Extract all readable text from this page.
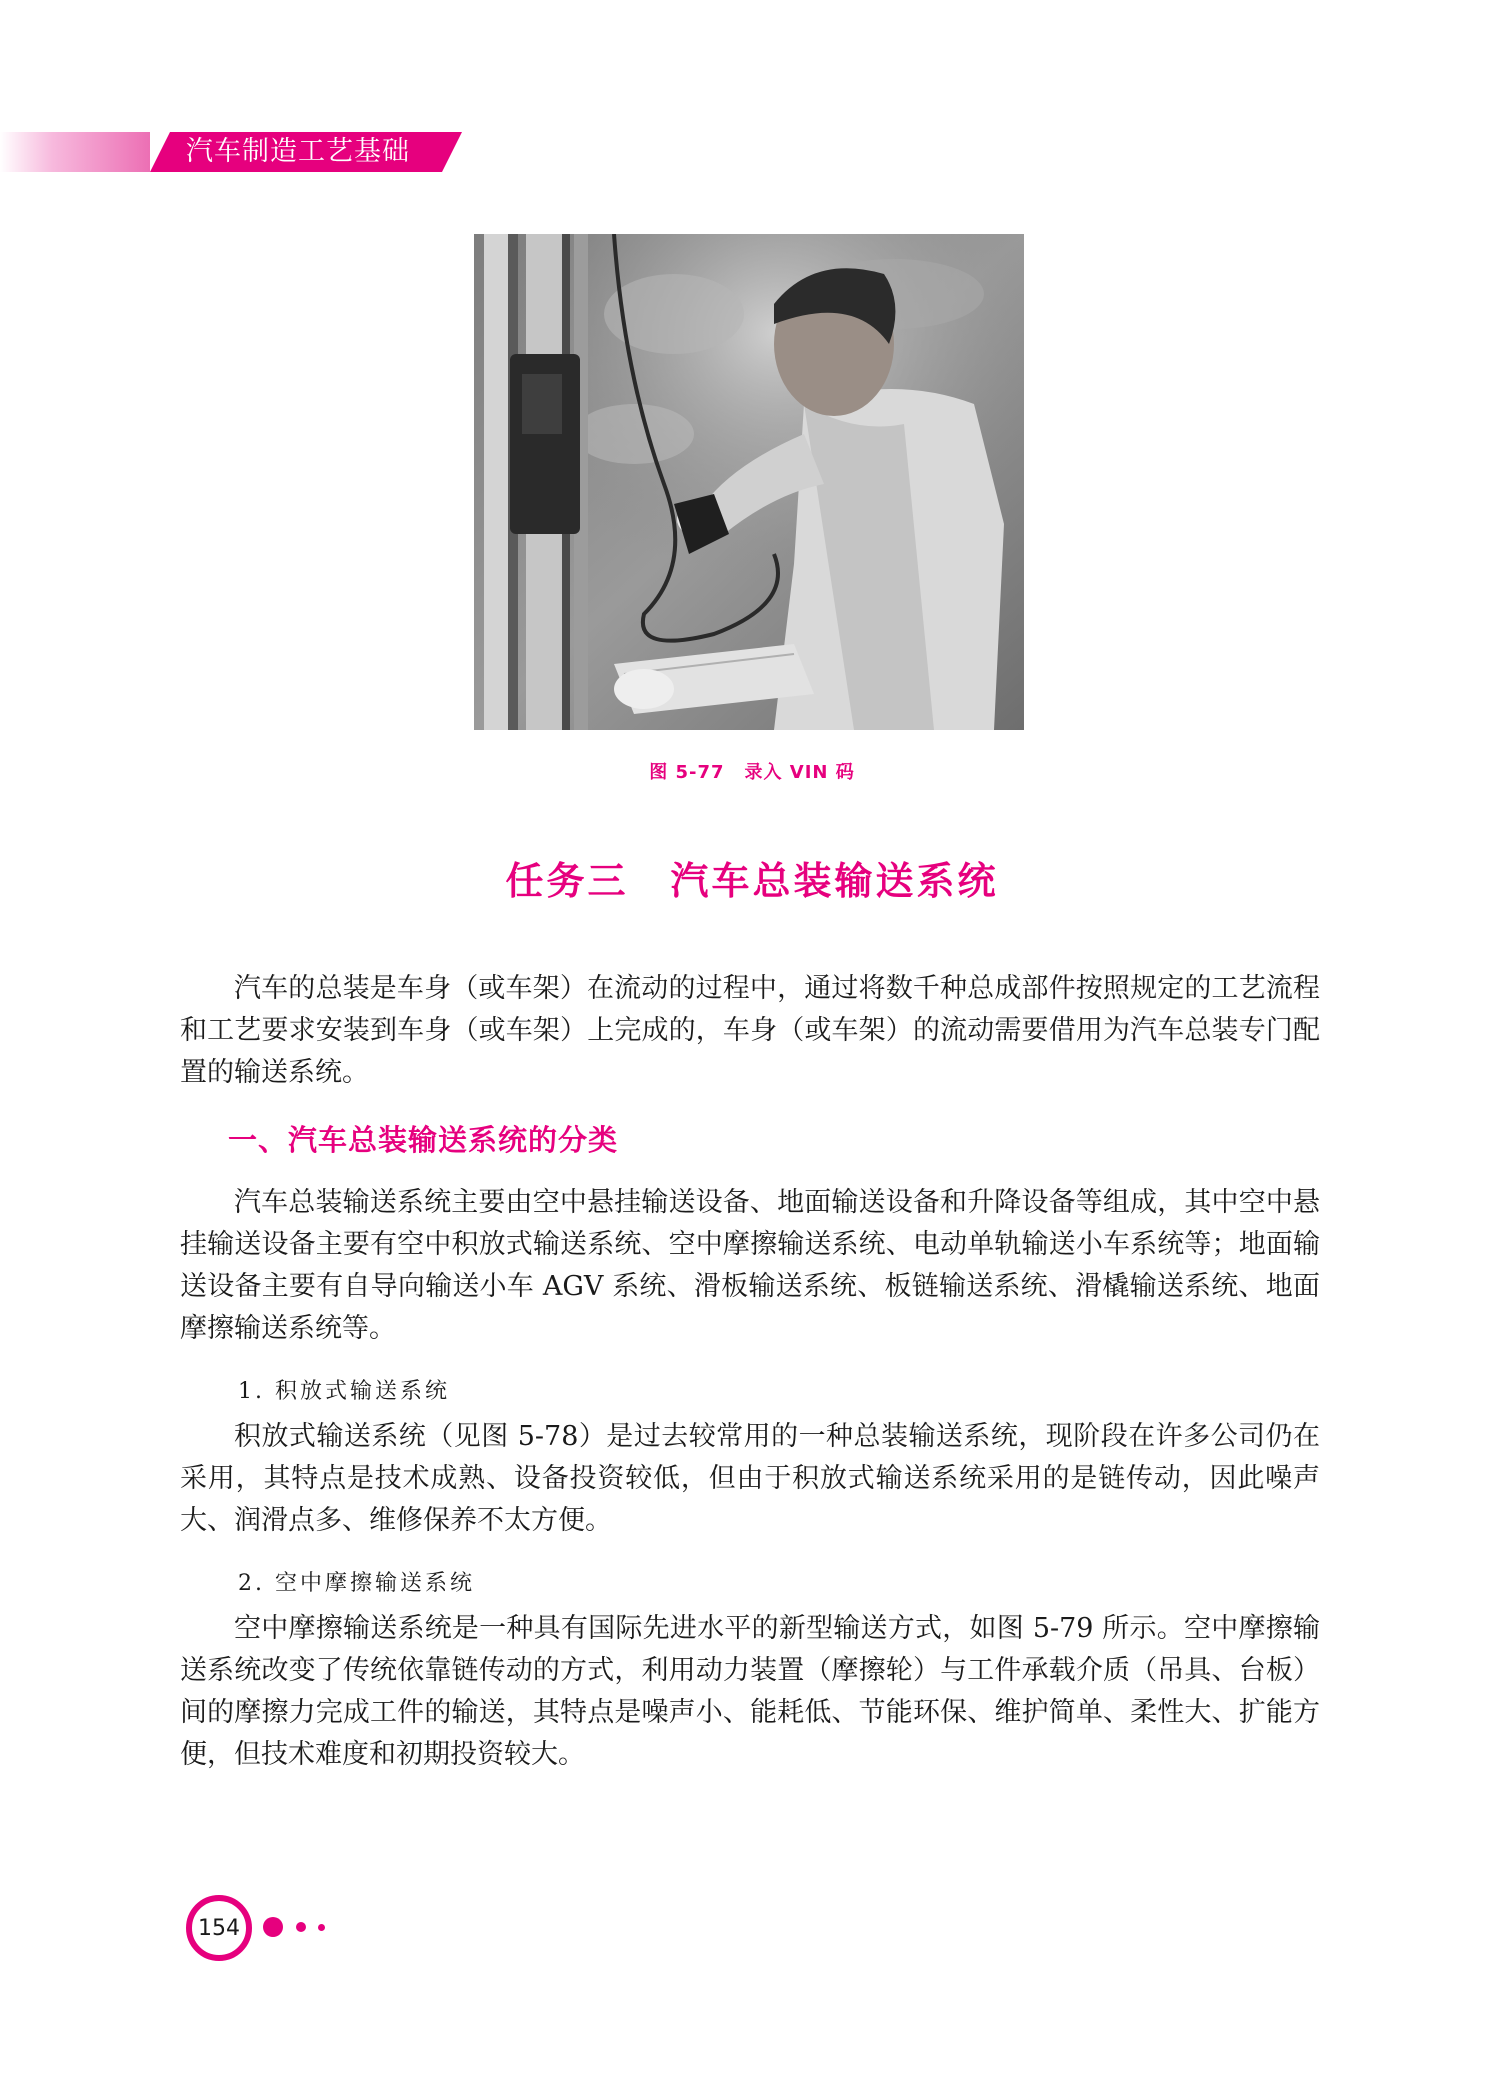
汽车制造工艺基础
图 5-77 录入 VIN 码
任务三 汽车总装输送系统
汽车的总装是车身（或车架）在流动的过程中，通过将数千种总成部件按照规定的工艺流程和工艺要求安装到车身（或车架）上完成的，车身（或车架）的流动需要借用为汽车总装专门配置的输送系统。
一、汽车总装输送系统的分类
汽车总装输送系统主要由空中悬挂输送设备、地面输送设备和升降设备等组成，其中空中悬挂输送设备主要有空中积放式输送系统、空中摩擦输送系统、电动单轨输送小车系统等；地面输送设备主要有自导向输送小车 AGV 系统、滑板输送系统、板链输送系统、滑橇输送系统、地面摩擦输送系统等。
1. 积放式输送系统
积放式输送系统（见图 5-78）是过去较常用的一种总装输送系统，现阶段在许多公司仍在采用，其特点是技术成熟、设备投资较低，但由于积放式输送系统采用的是链传动，因此噪声大、润滑点多、维修保养不太方便。
2. 空中摩擦输送系统
空中摩擦输送系统是一种具有国际先进水平的新型输送方式，如图 5-79 所示。空中摩擦输送系统改变了传统依靠链传动的方式，利用动力装置（摩擦轮）与工件承载介质（吊具、台板）间的摩擦力完成工件的输送，其特点是噪声小、能耗低、节能环保、维护简单、柔性大、扩能方便，但技术难度和初期投资较大。
154
